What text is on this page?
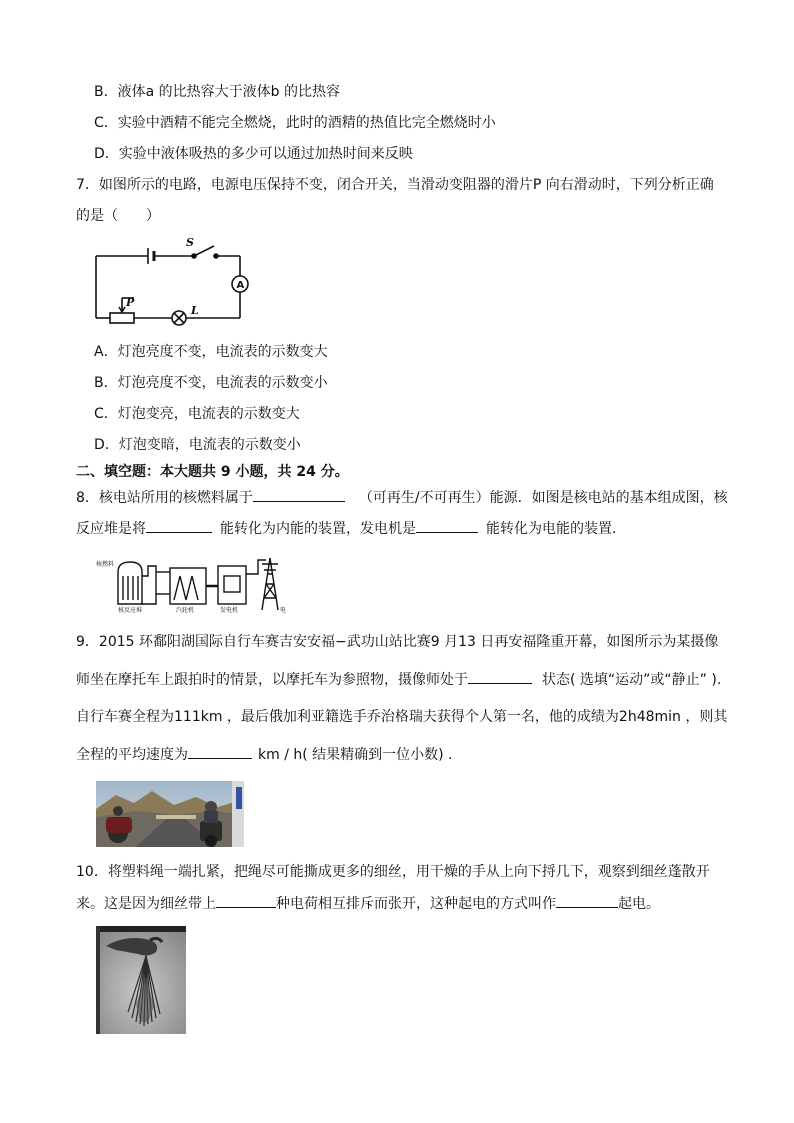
B．液体a 的比热容大于液体b 的比热容
C．实验中酒精不能完全燃烧，此时的酒精的热值比完全燃烧时小
D．实验中液体吸热的多少可以通过加热时间来反映
7．如图所示的电路，电源电压保持不变，闭合开关，当滑动变阻器的滑片P 向右滑动时，下列分析正确
的是（　　）
S
A
P
L
A．灯泡亮度不变，电流表的示数变大
B．灯泡亮度不变，电流表的示数变小
C．灯泡变亮，电流表的示数变大
D．灯泡变暗，电流表的示数变小
二、填空题：本大题共 9 小题，共 24 分。
8．核电站所用的核燃料属于	（可再生/不可再生）能源．如图是核电站的基本组成图，核
反应堆是将	能转化为内能的装置，发电机是	能转化为电能的装置．
核燃料
核反应堆	汽轮机	发电机	电
9．2015 环鄱阳湖国际自行车赛吉安安福−武功山站比赛9 月13 日再安福隆重开幕，如图所示为某摄像
师坐在摩托车上跟拍时的情景，以摩托车为参照物，摄像师处于	状态( 选填“运动”或“静止” ).
自行车赛全程为111km ，最后俄加利亚籍选手乔治格瑞夫获得个人第一名，他的成绩为2h48min ，则其
全程的平均速度为	km / h( 结果精确到一位小数) .
10．将塑料绳一端扎紧，把绳尽可能撕成更多的细丝，用干燥的手从上向下捋几下，观察到细丝蓬散开
来。这是因为细丝带上	种电荷相互排斥而张开，这种起电的方式叫作	起电。
